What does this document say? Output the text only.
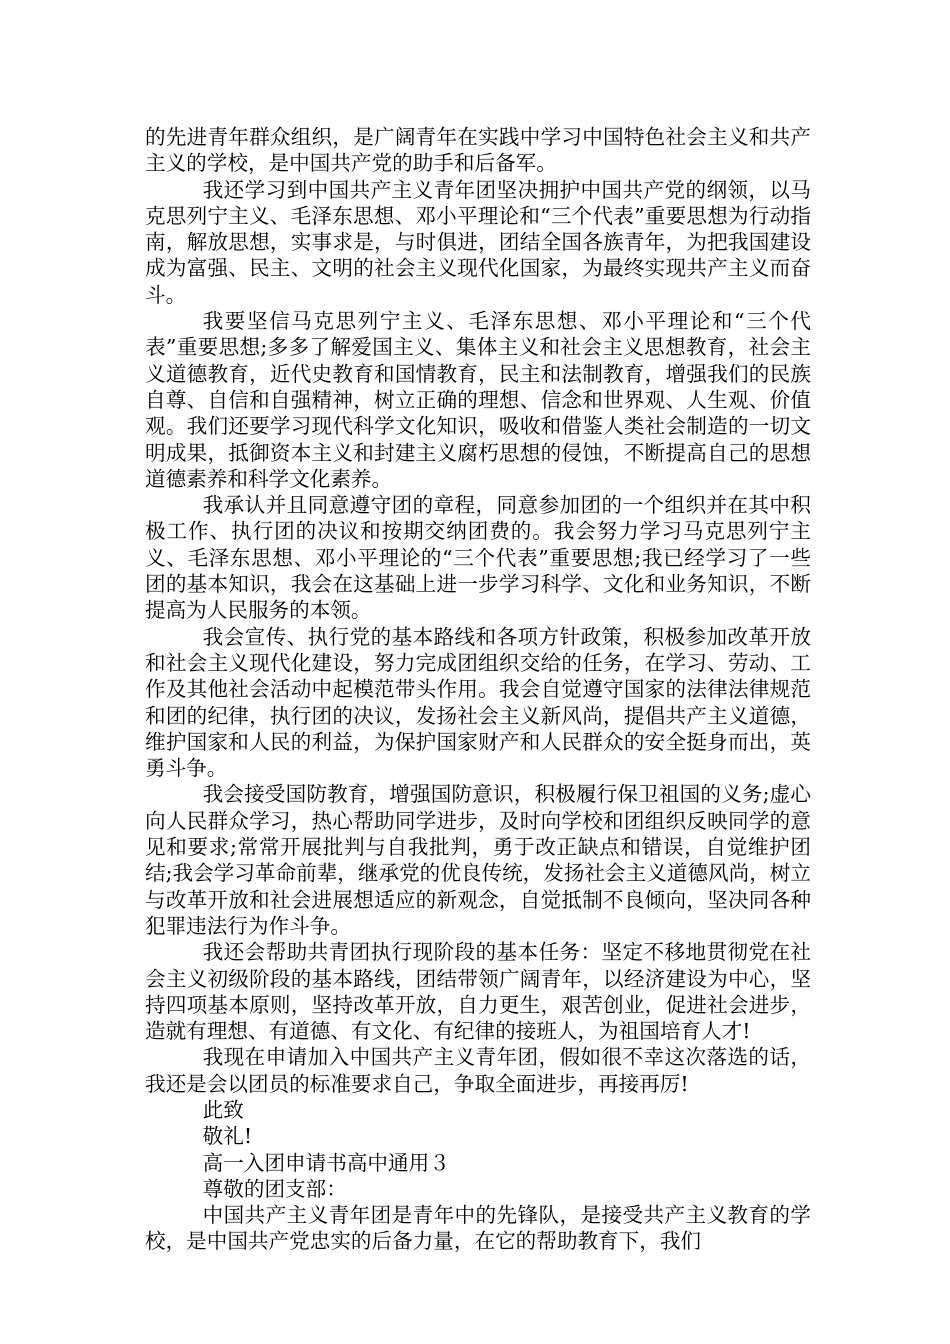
的先进青年群众组织，是广阔青年在实践中学习中国特色社会主义和共产主义的学校，是中国共产党的助手和后备军。

我还学习到中国共产主义青年团坚决拥护中国共产党的纲领，以马克思列宁主义、毛泽东思想、邓小平理论和“三个代表”重要思想为行动指南，解放思想，实事求是，与时俱进，团结全国各族青年，为把我国建设成为富强、民主、文明的社会主义现代化国家，为最终实现共产主义而奋斗。

我要坚信马克思列宁主义、毛泽东思想、邓小平理论和“三个代表”重要思想;多多了解爱国主义、集体主义和社会主义思想教育，社会主义道德教育，近代史教育和国情教育，民主和法制教育，增强我们的民族自尊、自信和自强精神，树立正确的理想、信念和世界观、人生观、价值观。我们还要学习现代科学文化知识，吸收和借鉴人类社会制造的一切文明成果，抵御资本主义和封建主义腐朽思想的侵蚀，不断提高自己的思想道德素养和科学文化素养。

我承认并且同意遵守团的章程，同意参加团的一个组织并在其中积极工作、执行团的决议和按期交纳团费的。我会努力学习马克思列宁主义、毛泽东思想、邓小平理论的“三个代表”重要思想;我已经学习了一些团的基本知识，我会在这基础上进一步学习科学、文化和业务知识，不断提高为人民服务的本领。

我会宣传、执行党的基本路线和各项方针政策，积极参加改革开放和社会主义现代化建设，努力完成团组织交给的任务，在学习、劳动、工作及其他社会活动中起模范带头作用。我会自觉遵守国家的法律法律规范和团的纪律，执行团的决议，发扬社会主义新风尚，提倡共产主义道德，维护国家和人民的利益，为保护国家财产和人民群众的安全挺身而出，英勇斗争。

我会接受国防教育，增强国防意识，积极履行保卫祖国的义务;虚心向人民群众学习，热心帮助同学进步，及时向学校和团组织反映同学的意见和要求;常常开展批判与自我批判，勇于改正缺点和错误，自觉维护团结;我会学习革命前辈，继承党的优良传统，发扬社会主义道德风尚，树立与改革开放和社会进展想适应的新观念，自觉抵制不良倾向，坚决同各种犯罪违法行为作斗争。

我还会帮助共青团执行现阶段的基本任务：坚定不移地贯彻党在社会主义初级阶段的基本路线，团结带领广阔青年，以经济建设为中心，坚持四项基本原则，坚持改革开放，自力更生，艰苦创业，促进社会进步，造就有理想、有道德、有文化、有纪律的接班人，为祖国培育人才!

我现在申请加入中国共产主义青年团，假如很不幸这次落选的话，我还是会以团员的标准要求自己，争取全面进步，再接再厉!

此致

敬礼!

高一入团申请书高中通用３

尊敬的团支部：

中国共产主义青年团是青年中的先锋队，是接受共产主义教育的学校，是中国共产党忠实的后备力量，在它的帮助教育下，我们
